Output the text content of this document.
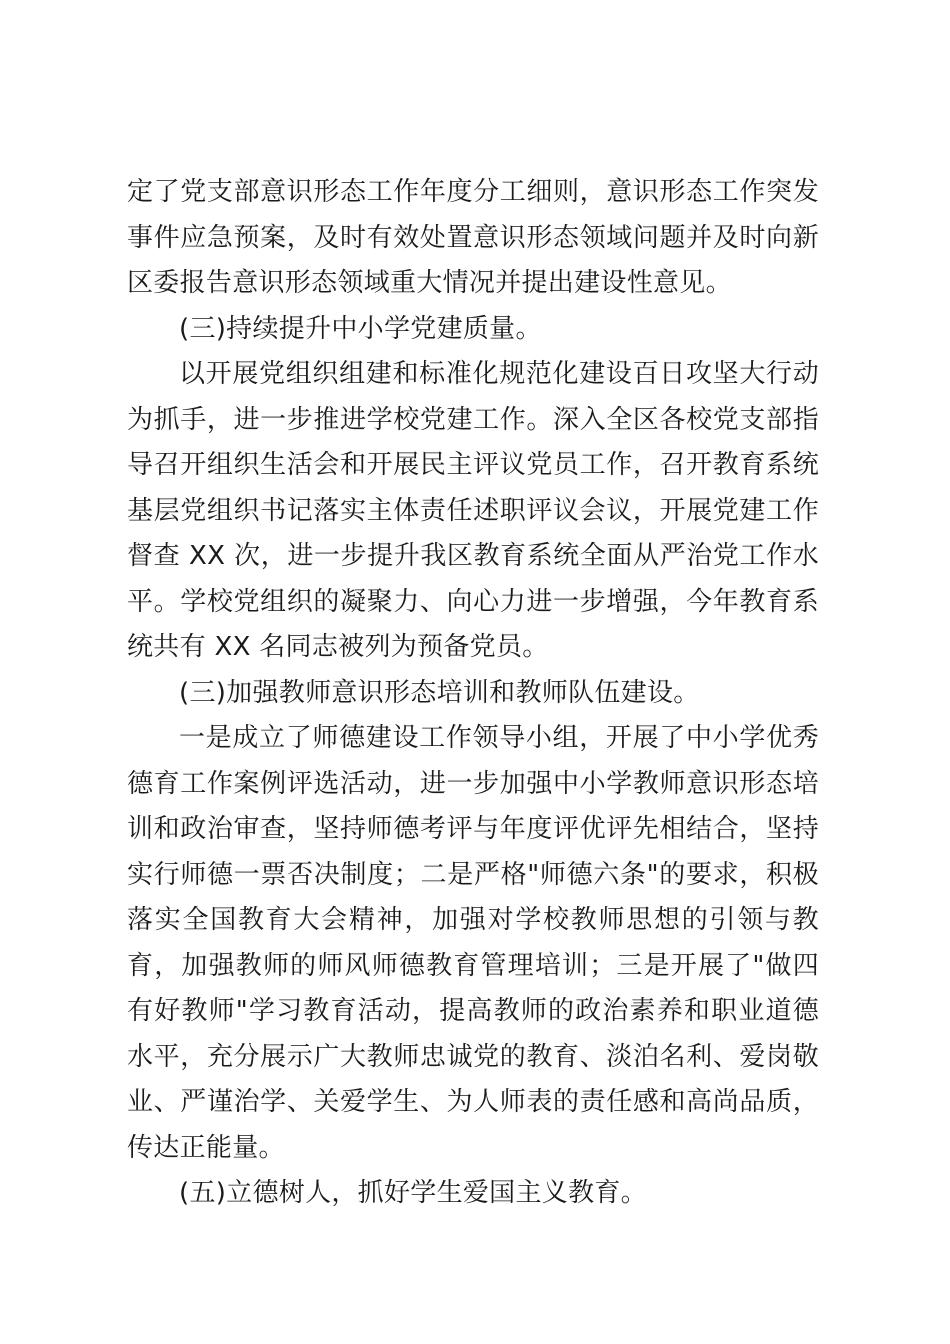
定了党支部意识形态工作年度分工细则，意识形态工作突发事件应急预案，及时有效处置意识形态领域问题并及时向新区委报告意识形态领域重大情况并提出建设性意见。

(三)持续提升中小学党建质量。

以开展党组织组建和标准化规范化建设百日攻坚大行动为抓手，进一步推进学校党建工作。深入全区各校党支部指导召开组织生活会和开展民主评议党员工作，召开教育系统基层党组织书记落实主体责任述职评议会议，开展党建工作督查 XX 次，进一步提升我区教育系统全面从严治党工作水平。学校党组织的凝聚力、向心力进一步增强，今年教育系统共有 XX 名同志被列为预备党员。

(三)加强教师意识形态培训和教师队伍建设。

一是成立了师德建设工作领导小组，开展了中小学优秀德育工作案例评选活动，进一步加强中小学教师意识形态培训和政治审查，坚持师德考评与年度评优评先相结合，坚持实行师德一票否决制度；二是严格"师德六条"的要求，积极落实全国教育大会精神，加强对学校教师思想的引领与教育，加强教师的师风师德教育管理培训；三是开展了"做四有好教师"学习教育活动，提高教师的政治素养和职业道德水平，充分展示广大教师忠诚党的教育、淡泊名利、爱岗敬业、严谨治学、关爱学生、为人师表的责任感和高尚品质，传达正能量。

(五)立德树人，抓好学生爱国主义教育。
